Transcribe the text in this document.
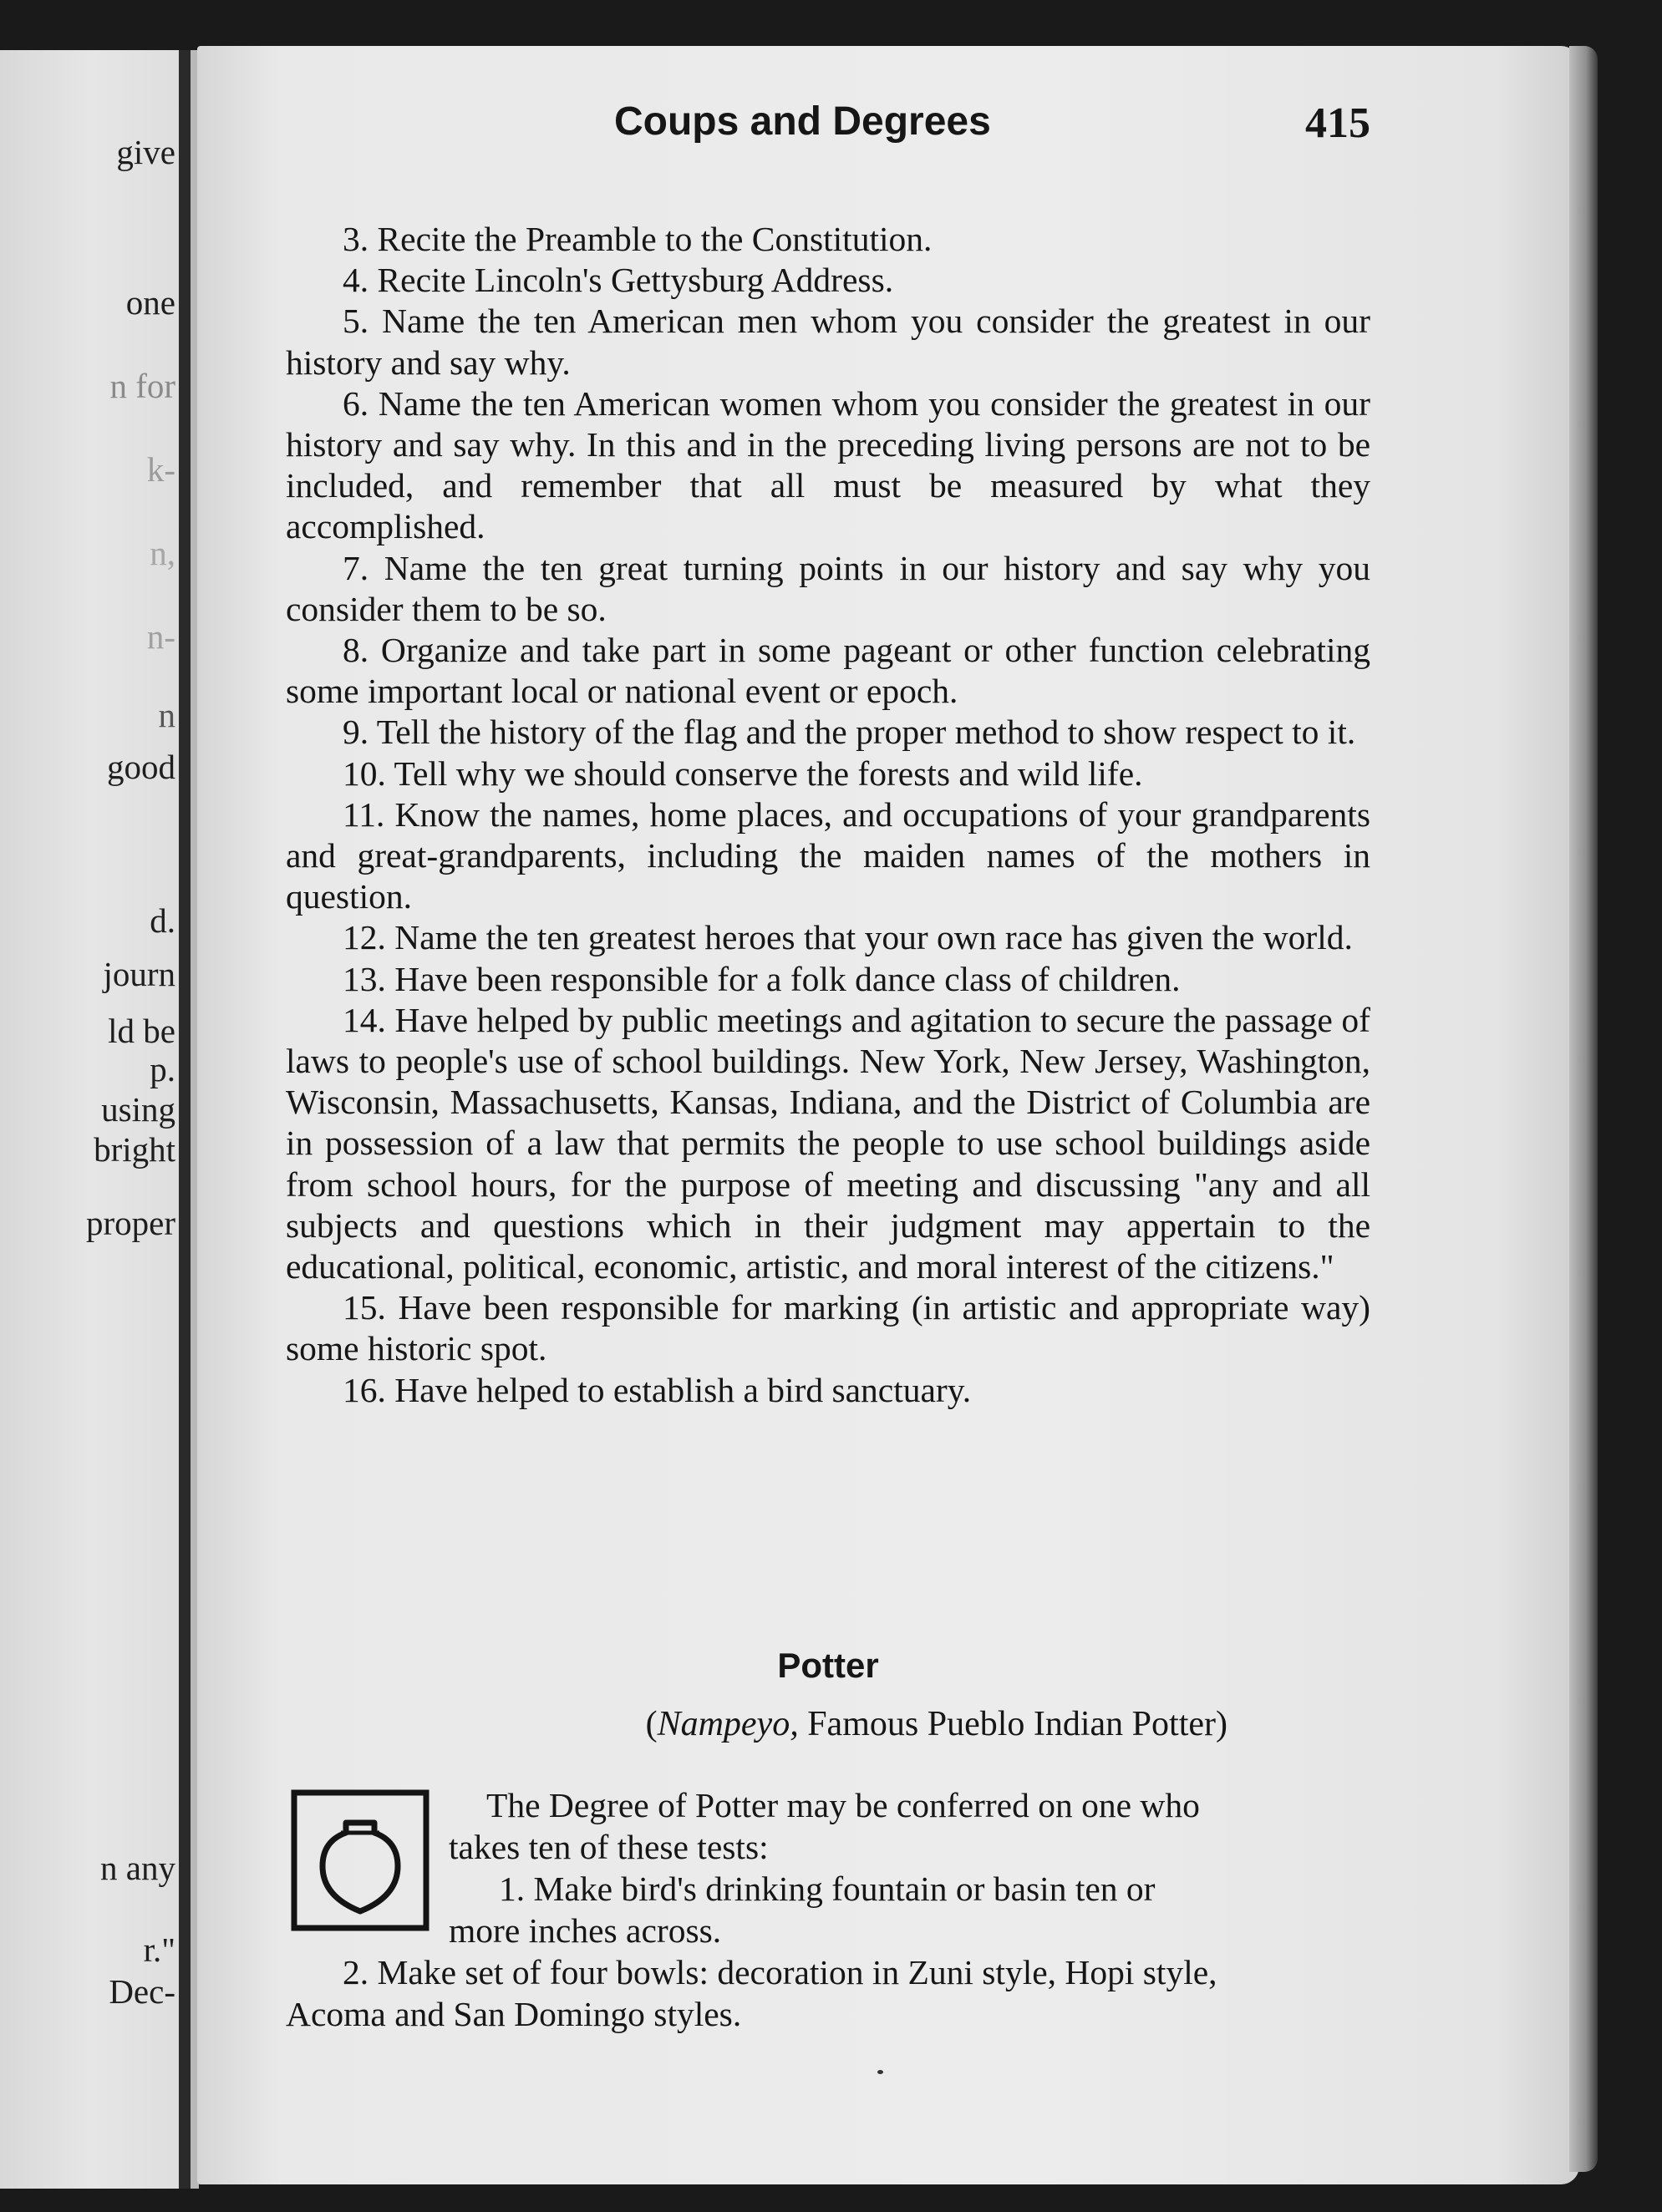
give
one
n for
k-
n,
n-
n
good
d.
journ
ld be
p.
using
bright
proper
n any
r."
Dec-
Coups and Degrees	415

3. Recite the Preamble to the Constitution.

4. Recite Lincoln's Gettysburg Address.

5. Name the ten American men whom you consider the greatest in our history and say why.

6. Name the ten American women whom you consider the greatest in our history and say why. In this and in the preceding living persons are not to be included, and remember that all must be measured by what they accomplished.

7. Name the ten great turning points in our history and say why you consider them to be so.

8. Organize and take part in some pageant or other function celebrating some important local or national event or epoch.

9. Tell the history of the flag and the proper method to show respect to it.

10. Tell why we should conserve the forests and wild life.

11. Know the names, home places, and occupations of your grandparents and great-grandparents, including the maiden names of the mothers in question.

12. Name the ten greatest heroes that your own race has given the world.

13. Have been responsible for a folk dance class of children.

14. Have helped by public meetings and agitation to secure the passage of laws to people's use of school buildings. New York, New Jersey, Washington, Wisconsin, Massachusetts, Kansas, Indiana, and the District of Columbia are in possession of a law that permits the people to use school buildings aside from school hours, for the purpose of meeting and discussing "any and all subjects and questions which in their judgment may appertain to the educational, political, economic, artistic, and moral interest of the citizens."

15. Have been responsible for marking (in artistic and appropriate way) some historic spot.

16. Have helped to establish a bird sanctuary.

Potter
(Nampeyo, Famous Pueblo Indian Potter)

The Degree of Potter may be conferred on one who takes ten of these tests:

1. Make bird's drinking fountain or basin ten or more inches across.

2. Make set of four bowls: decoration in Zuni style, Hopi style, Acoma and San Domingo styles.
